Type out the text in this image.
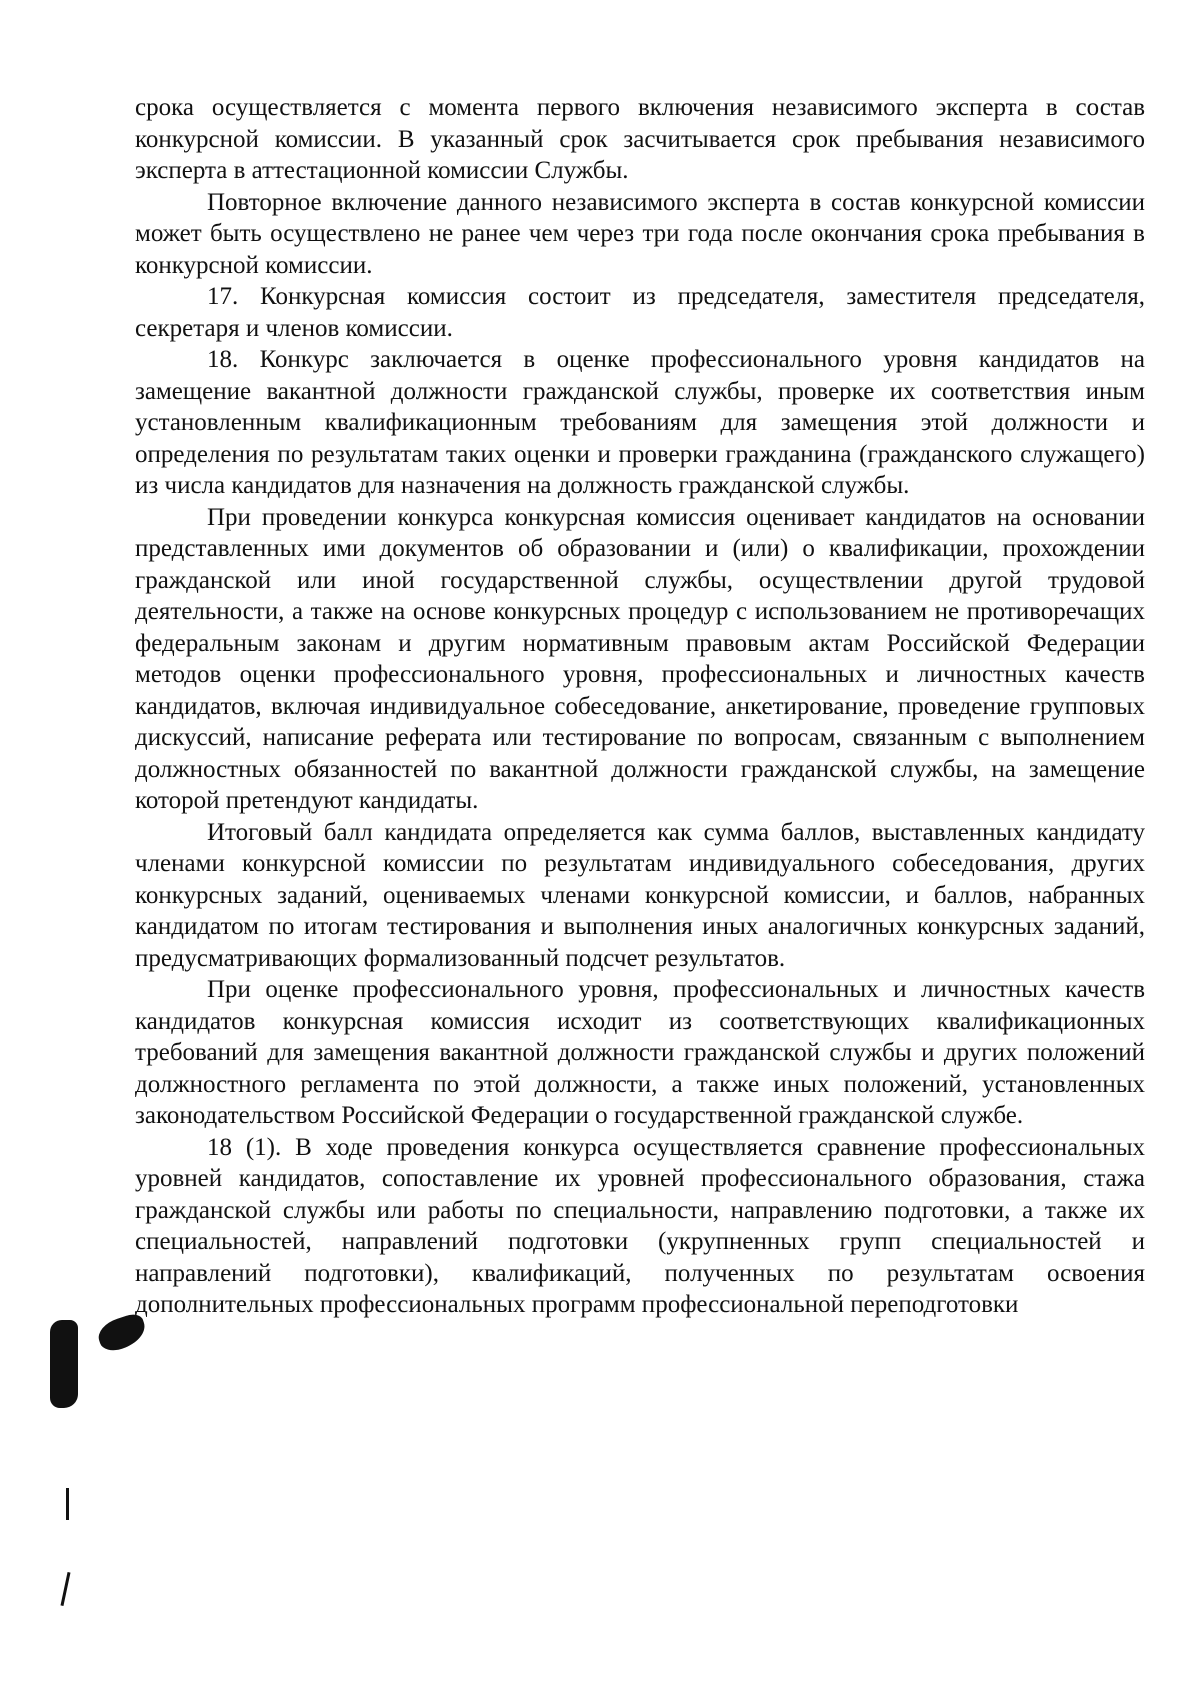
срока осуществляется с момента первого включения независимого эксперта в состав конкурсной комиссии. В указанный срок засчитывается срок пребывания независимого эксперта в аттестационной комиссии Службы.

Повторное включение данного независимого эксперта в состав конкурсной комиссии может быть осуществлено не ранее чем через три года после окончания срока пребывания в конкурсной комиссии.

17. Конкурсная комиссия состоит из председателя, заместителя председателя, секретаря и членов комиссии.

18. Конкурс заключается в оценке профессионального уровня кандидатов на замещение вакантной должности гражданской службы, проверке их соответствия иным установленным квалификационным требованиям для замещения этой должности и определения по результатам таких оценки и проверки гражданина (гражданского служащего) из числа кандидатов для назначения на должность гражданской службы.

При проведении конкурса конкурсная комиссия оценивает кандидатов на основании представленных ими документов об образовании и (или) о квалификации, прохождении гражданской или иной государственной службы, осуществлении другой трудовой деятельности, а также на основе конкурсных процедур с использованием не противоречащих федеральным законам и другим нормативным правовым актам Российской Федерации методов оценки профессионального уровня, профессиональных и личностных качеств кандидатов, включая индивидуальное собеседование, анкетирование, проведение групповых дискуссий, написание реферата или тестирование по вопросам, связанным с выполнением должностных обязанностей по вакантной должности гражданской службы, на замещение которой претендуют кандидаты.

Итоговый балл кандидата определяется как сумма баллов, выставленных кандидату членами конкурсной комиссии по результатам индивидуального собеседования, других конкурсных заданий, оцениваемых членами конкурсной комиссии, и баллов, набранных кандидатом по итогам тестирования и выполнения иных аналогичных конкурсных заданий, предусматривающих формализованный подсчет результатов.

При оценке профессионального уровня, профессиональных и личностных качеств кандидатов конкурсная комиссия исходит из соответствующих квалификационных требований для замещения вакантной должности гражданской службы и других положений должностного регламента по этой должности, а также иных положений, установленных законодательством Российской Федерации о государственной гражданской службе.

18 (1). В ходе проведения конкурса осуществляется сравнение профессиональных уровней кандидатов, сопоставление их уровней профессионального образования, стажа гражданской службы или работы по специальности, направлению подготовки, а также их специальностей, направлений подготовки (укрупненных групп специальностей и направлений подготовки), квалификаций, полученных по результатам освоения дополнительных профессиональных программ профессиональной переподготовки
